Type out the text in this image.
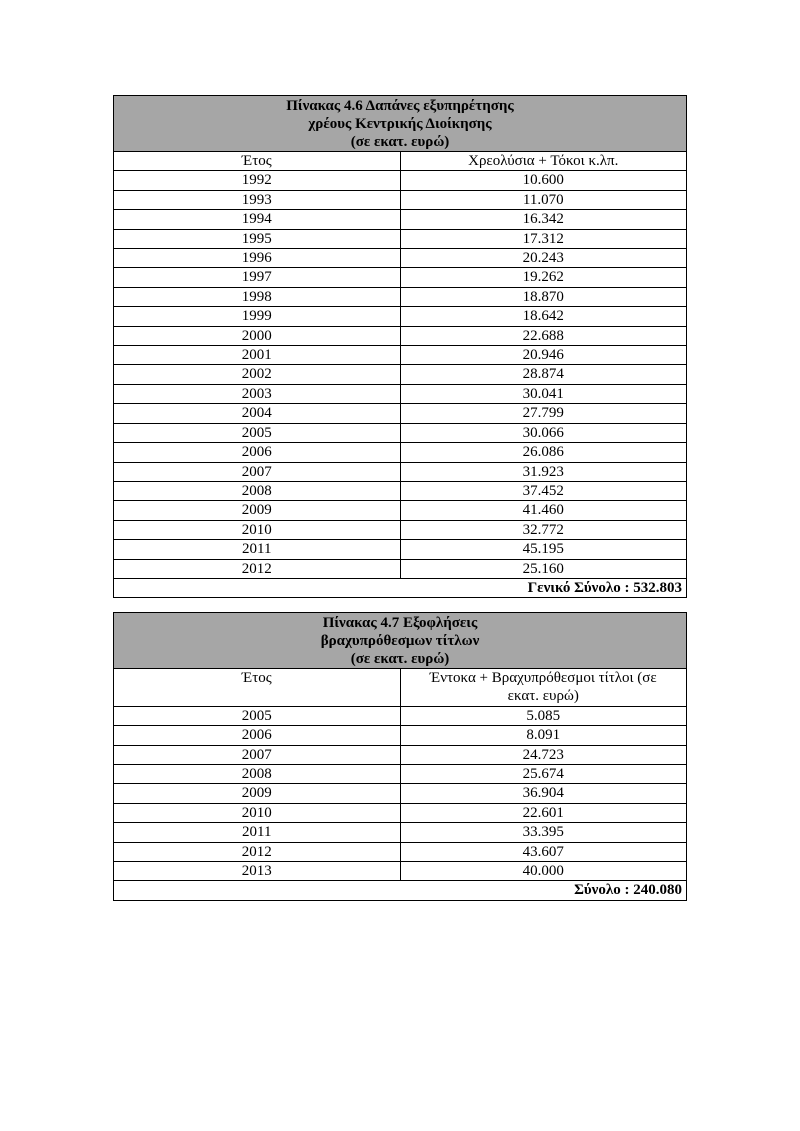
Πίνακας 4.6 Δαπάνες εξυπηρέτησης
χρέους Κεντρικής Διοίκησης
(σε εκατ. ευρώ)	

Έτος	Χρεολύσια + Τόκοι κ.λπ.
1992	10.600
1993	11.070
1994	16.342
1995	17.312
1996	20.243
1997	19.262
1998	18.870
1999	18.642
2000	22.688
2001	20.946
2002	28.874
2003	30.041
2004	27.799
2005	30.066
2006	26.086
2007	31.923
2008	37.452
2009	41.460
2010	32.772
2011	45.195
2012	25.160
Γενικό Σύνολο : 532.803	
Πίνακας 4.7 Εξοφλήσεις
βραχυπρόθεσμων τίτλων
(σε εκατ. ευρώ)	

Έτος	Έντοκα + Βραχυπρόθεσμοι τίτλοι (σε
εκατ. ευρώ)

2005	5.085
2006	8.091
2007	24.723
2008	25.674
2009	36.904
2010	22.601
2011	33.395
2012	43.607
2013	40.000
Σύνολο : 240.080	
